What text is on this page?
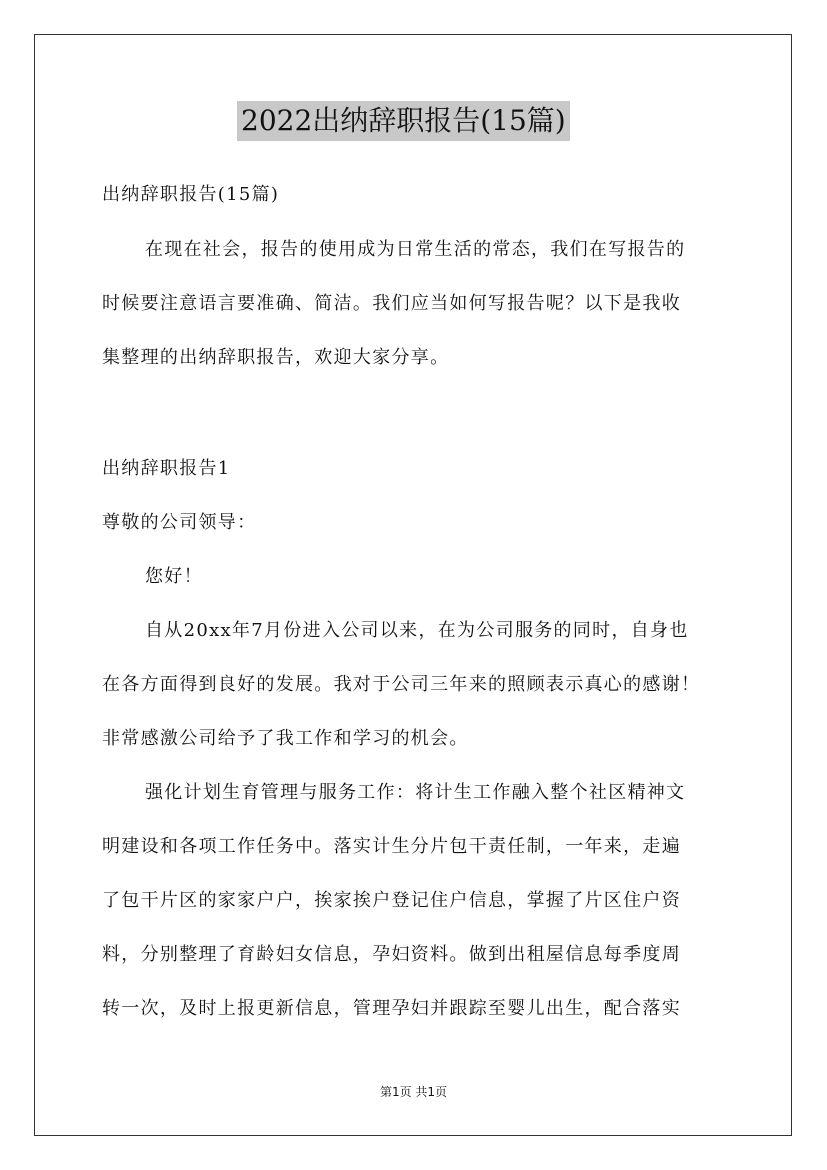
2022出纳辞职报告(15篇)
出纳辞职报告(15篇)
在现在社会，报告的使用成为日常生活的常态，我们在写报告的
时候要注意语言要准确、简洁。我们应当如何写报告呢？以下是我收
集整理的出纳辞职报告，欢迎大家分享。
出纳辞职报告1
尊敬的公司领导：
您好！
自从20xx年7月份进入公司以来，在为公司服务的同时，自身也
在各方面得到良好的发展。我对于公司三年来的照顾表示真心的感谢！
非常感激公司给予了我工作和学习的机会。
强化计划生育管理与服务工作：将计生工作融入整个社区精神文
明建设和各项工作任务中。落实计生分片包干责任制，一年来，走遍
了包干片区的家家户户，挨家挨户登记住户信息，掌握了片区住户资
料，分别整理了育龄妇女信息，孕妇资料。做到出租屋信息每季度周
转一次，及时上报更新信息，管理孕妇并跟踪至婴儿出生，配合落实
第1页 共1页
